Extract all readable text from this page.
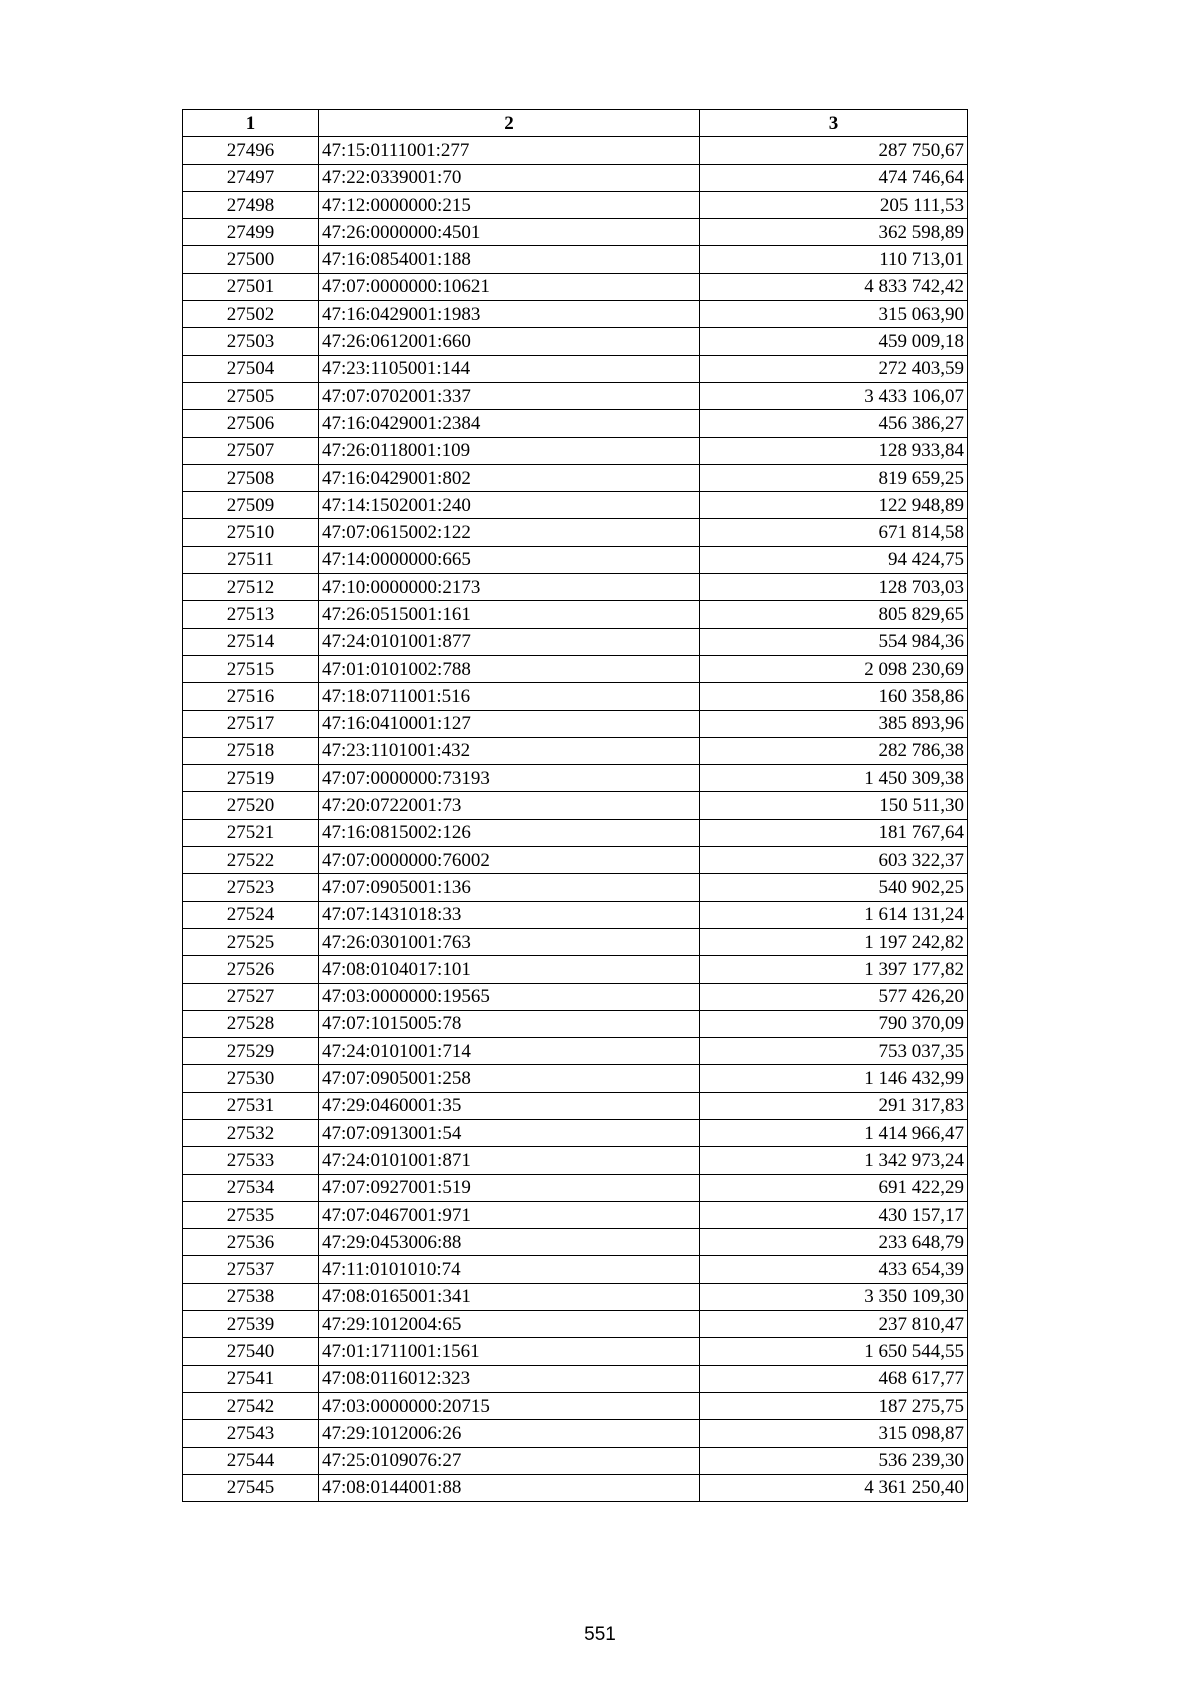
1	2	3
27496	47:15:0111001:277	287 750,67
27497	47:22:0339001:70	474 746,64
27498	47:12:0000000:215	205 111,53
27499	47:26:0000000:4501	362 598,89
27500	47:16:0854001:188	110 713,01
27501	47:07:0000000:10621	4 833 742,42
27502	47:16:0429001:1983	315 063,90
27503	47:26:0612001:660	459 009,18
27504	47:23:1105001:144	272 403,59
27505	47:07:0702001:337	3 433 106,07
27506	47:16:0429001:2384	456 386,27
27507	47:26:0118001:109	128 933,84
27508	47:16:0429001:802	819 659,25
27509	47:14:1502001:240	122 948,89
27510	47:07:0615002:122	671 814,58
27511	47:14:0000000:665	94 424,75
27512	47:10:0000000:2173	128 703,03
27513	47:26:0515001:161	805 829,65
27514	47:24:0101001:877	554 984,36
27515	47:01:0101002:788	2 098 230,69
27516	47:18:0711001:516	160 358,86
27517	47:16:0410001:127	385 893,96
27518	47:23:1101001:432	282 786,38
27519	47:07:0000000:73193	1 450 309,38
27520	47:20:0722001:73	150 511,30
27521	47:16:0815002:126	181 767,64
27522	47:07:0000000:76002	603 322,37
27523	47:07:0905001:136	540 902,25
27524	47:07:1431018:33	1 614 131,24
27525	47:26:0301001:763	1 197 242,82
27526	47:08:0104017:101	1 397 177,82
27527	47:03:0000000:19565	577 426,20
27528	47:07:1015005:78	790 370,09
27529	47:24:0101001:714	753 037,35
27530	47:07:0905001:258	1 146 432,99
27531	47:29:0460001:35	291 317,83
27532	47:07:0913001:54	1 414 966,47
27533	47:24:0101001:871	1 342 973,24
27534	47:07:0927001:519	691 422,29
27535	47:07:0467001:971	430 157,17
27536	47:29:0453006:88	233 648,79
27537	47:11:0101010:74	433 654,39
27538	47:08:0165001:341	3 350 109,30
27539	47:29:1012004:65	237 810,47
27540	47:01:1711001:1561	1 650 544,55
27541	47:08:0116012:323	468 617,77
27542	47:03:0000000:20715	187 275,75
27543	47:29:1012006:26	315 098,87
27544	47:25:0109076:27	536 239,30
27545	47:08:0144001:88	4 361 250,40
551
